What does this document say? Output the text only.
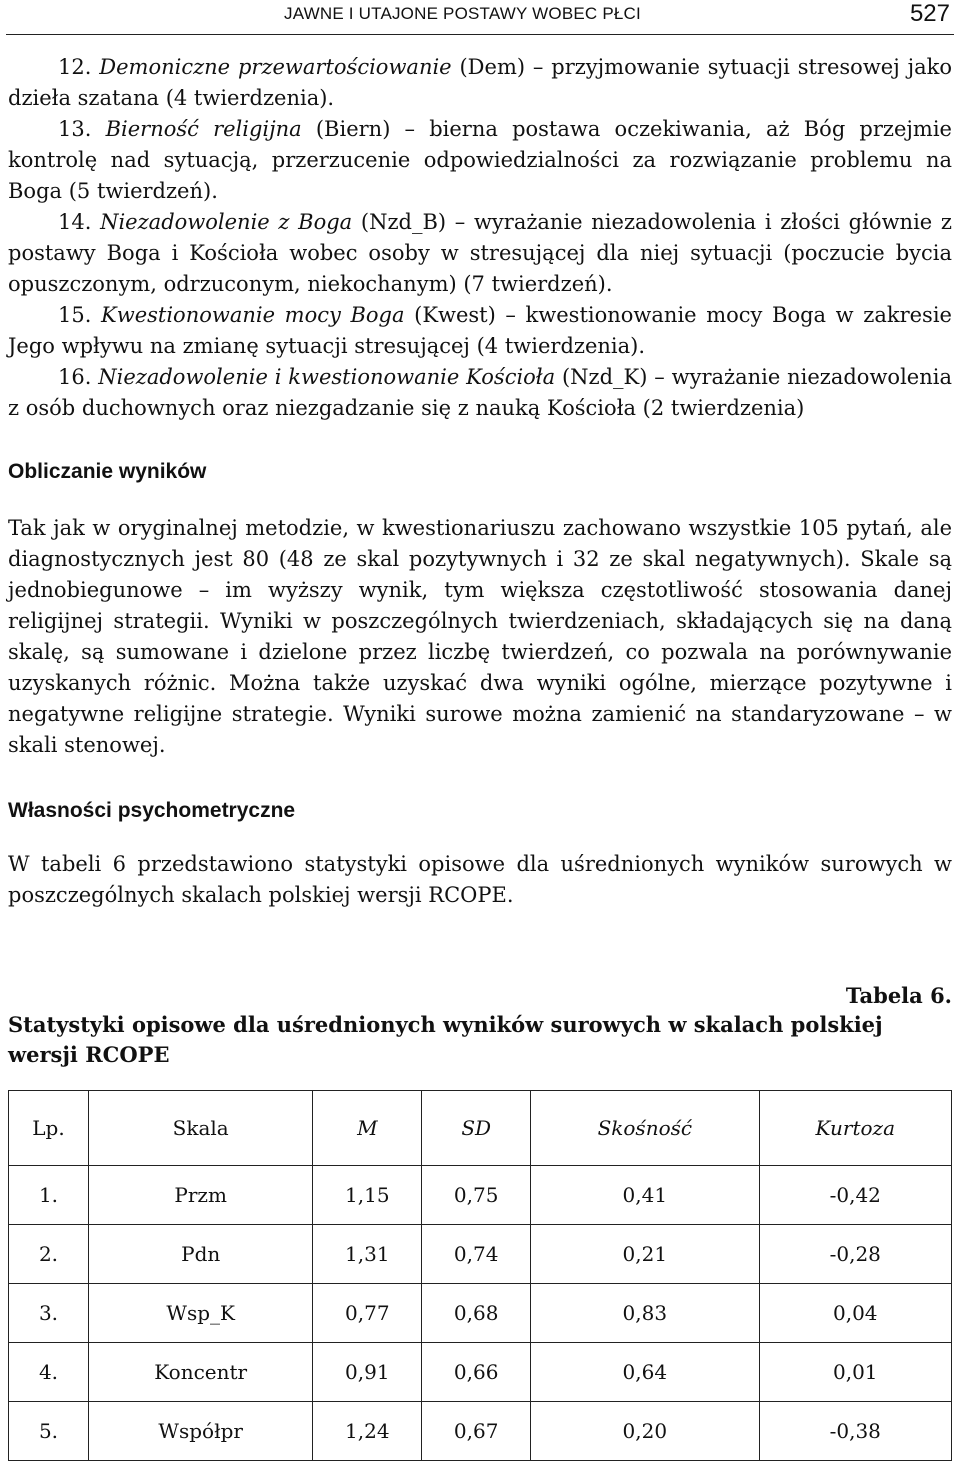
JAWNE I UTAJONE POSTAWY WOBEC PŁCI	527

12. Demoniczne przewartościowanie (Dem) – przyjmowanie sytuacji stresowej jako dzieła szatana (4 twierdzenia).

13. Bierność religijna (Biern) – bierna postawa oczekiwania, aż Bóg przejmie kontrolę nad sytuacją, przerzucenie odpowiedzialności za rozwiązanie problemu na Boga (5 twierdzeń).

14. Niezadowolenie z Boga (Nzd_B) – wyrażanie niezadowolenia i złości głównie z postawy Boga i Kościoła wobec osoby w stresującej dla niej sytuacji (poczucie bycia opuszczonym, odrzuconym, niekochanym) (7 twierdzeń).

15. Kwestionowanie mocy Boga (Kwest) – kwestionowanie mocy Boga w zakresie Jego wpływu na zmianę sytuacji stresującej (4 twierdzenia).

16. Niezadowolenie i kwestionowanie Kościoła (Nzd_K) – wyrażanie niezadowolenia z osób duchownych oraz niezgadzanie się z nauką Kościoła (2 twierdzenia)

Obliczanie wyników

Tak jak w oryginalnej metodzie, w kwestionariuszu zachowano wszystkie 105 pytań, ale diagnostycznych jest 80 (48 ze skal pozytywnych i 32 ze skal negatywnych). Skale są jednobiegunowe – im wyższy wynik, tym większa częstotliwość stosowania danej religijnej strategii. Wyniki w poszczególnych twierdzeniach, składających się na daną skalę, są sumowane i dzielone przez liczbę twierdzeń, co pozwala na porównywanie uzyskanych różnic. Można także uzyskać dwa wyniki ogólne, mierzące pozytywne i negatywne religijne strategie. Wyniki surowe można zamienić na standaryzowane – w skali stenowej.

Własności psychometryczne

W tabeli 6 przedstawiono statystyki opisowe dla uśrednionych wyników surowych w poszczególnych skalach polskiej wersji RCOPE.

Tabela 6.

Statystyki opisowe dla uśrednionych wyników surowych w skalach polskiej wersji RCOPE

Lp.	Skala	M	SD	Skośność	Kurtoza
1.	Przm	1,15	0,75	0,41	-0,42
2.	Pdn	1,31	0,74	0,21	-0,28
3.	Wsp_K	0,77	0,68	0,83	0,04
4.	Koncentr	0,91	0,66	0,64	0,01
5.	Współpr	1,24	0,67	0,20	-0,38
